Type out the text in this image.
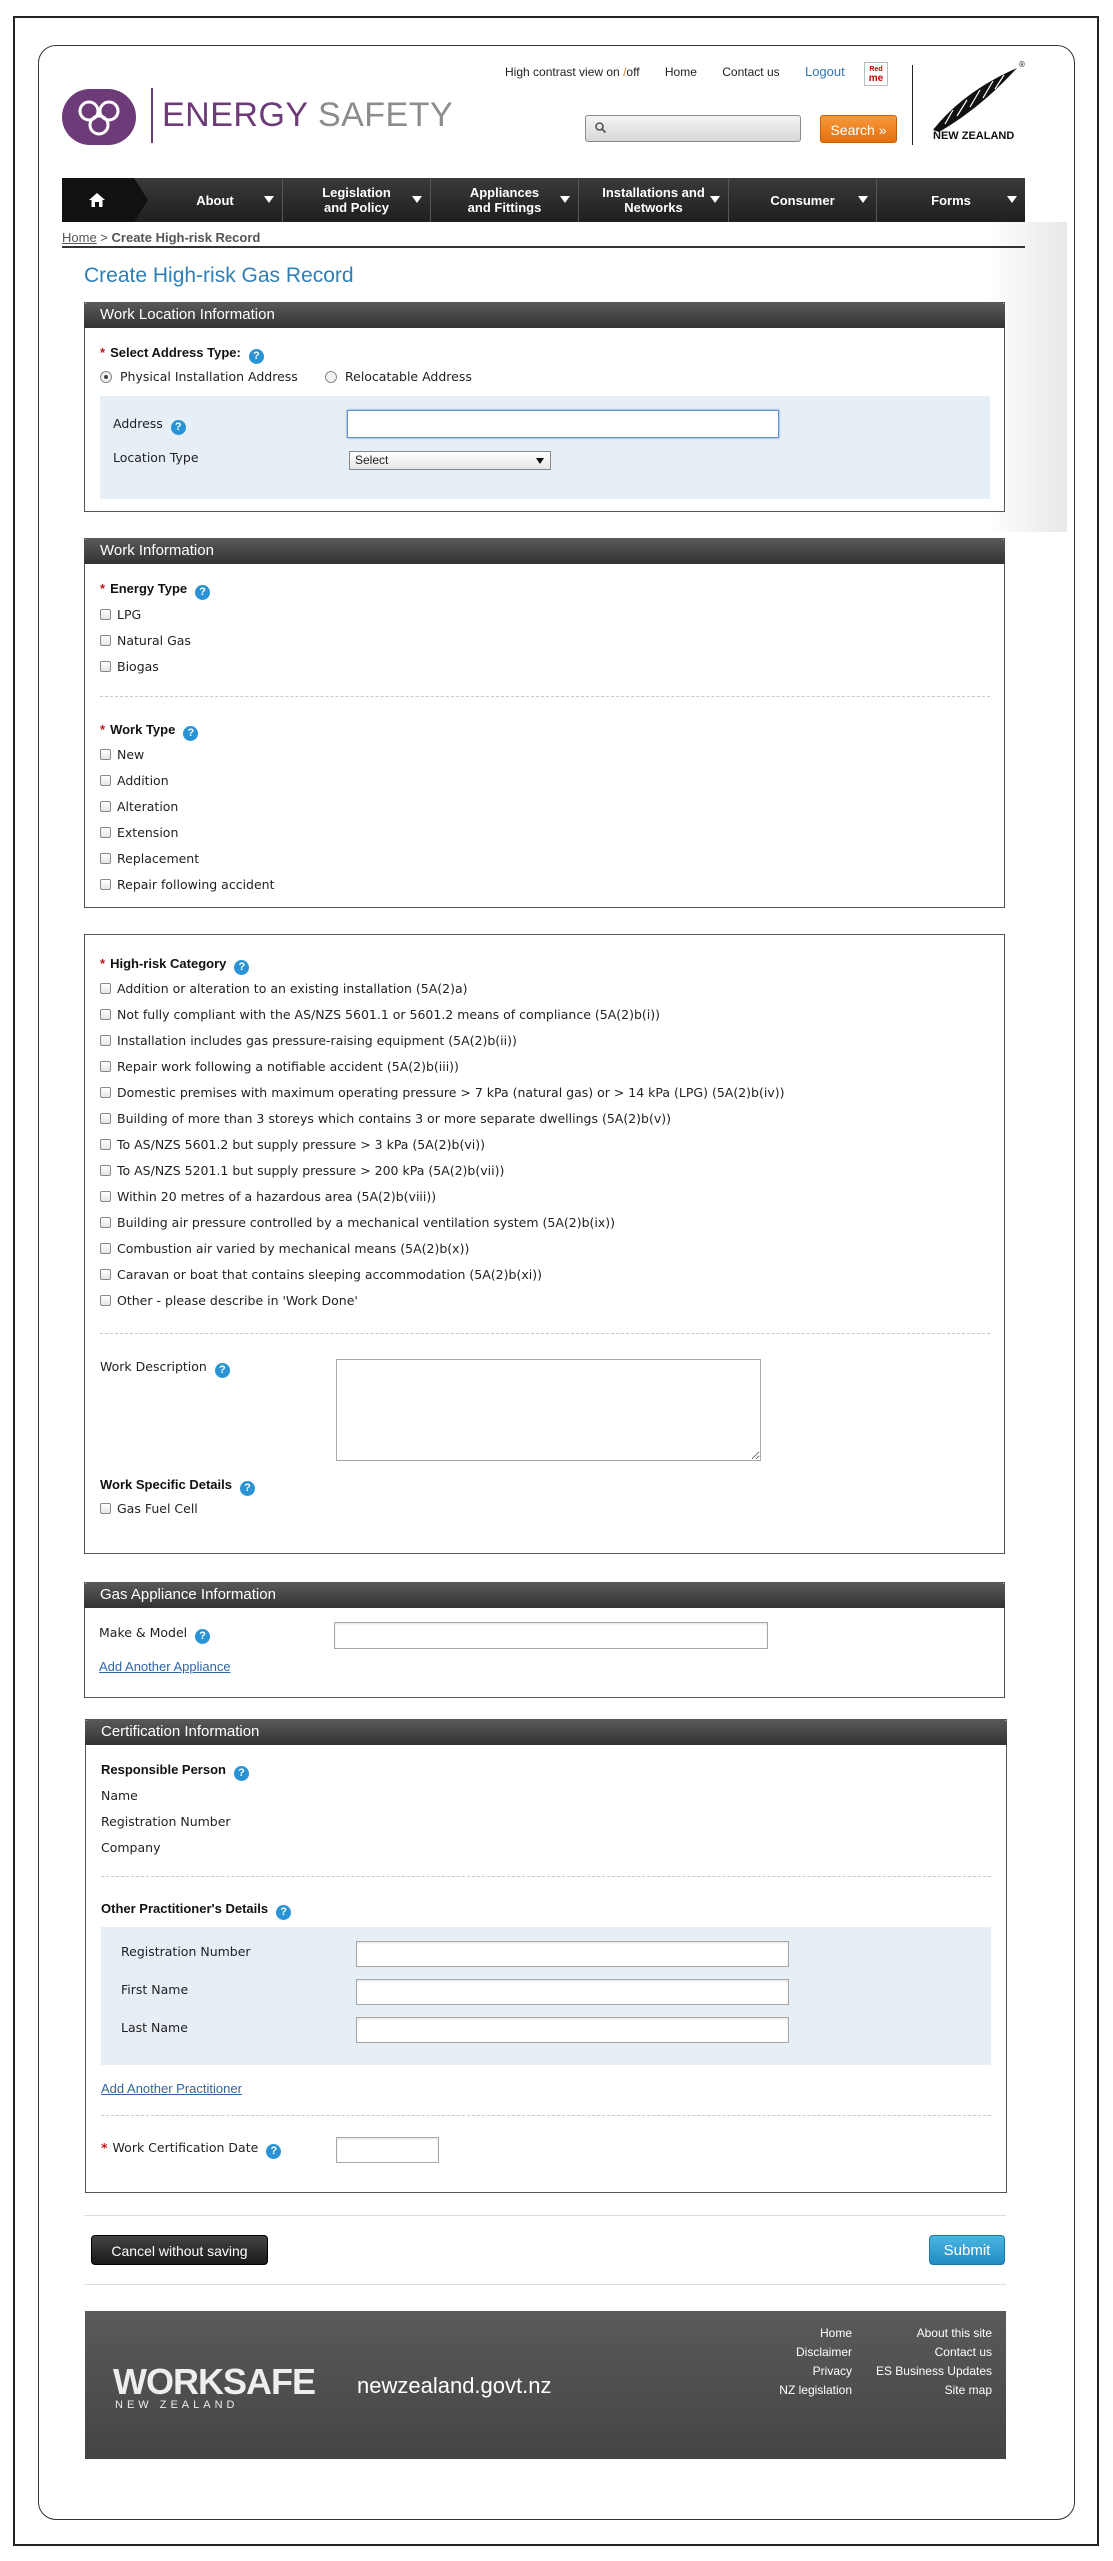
ENERGY SAFETY
High contrast view on /off Home Contact us Logout	Red
me
Search »
®
NEW ZEALAND
About	Legislation and Policy
Appliances and Fittings
Installations and Networks	Consumer	Forms
Home > Create High-risk Record
Create High-risk Gas Record
Work Location Information
* Select Address Type: ?
Physical Installation Address	Relocatable Address
Address ?
Location Type	Select
Work Information
* Energy Type ?
LPG
Natural Gas
Biogas
* Work Type ?
New
Addition
Alteration
Extension
Replacement
Repair following accident
* High-risk Category ?
Addition or alteration to an existing installation (5A(2)a)
Not fully compliant with the AS/NZS 5601.1 or 5601.2 means of compliance (5A(2)b(i))
Installation includes gas pressure-raising equipment (5A(2)b(ii))
Repair work following a notifiable accident (5A(2)b(iii))
Domestic premises with maximum operating pressure > 7 kPa (natural gas) or > 14 kPa (LPG) (5A(2)b(iv))
Building of more than 3 storeys which contains 3 or more separate dwellings (5A(2)b(v))
To AS/NZS 5601.2 but supply pressure > 3 kPa (5A(2)b(vi))
To AS/NZS 5201.1 but supply pressure > 200 kPa (5A(2)b(vii))
Within 20 metres of a hazardous area (5A(2)b(viii))
Building air pressure controlled by a mechanical ventilation system (5A(2)b(ix))
Combustion air varied by mechanical means (5A(2)b(x))
Caravan or boat that contains sleeping accommodation (5A(2)b(xi))
Other - please describe in 'Work Done'
Work Description ?
Work Specific Details ?
Gas Fuel Cell
Gas Appliance Information
Make & Model ?
Add Another Appliance
Certification Information
Responsible Person ?
Name
Registration Number
Company
Other Practitioner's Details ?
Registration Number
First Name
Last Name
Add Another Practitioner
* Work Certification Date ?
Cancel without saving	Submit
WORKSAFE
NEW ZEALAND
newzealand.govt.nz
Home
Disclaimer
Privacy
NZ legislation
About this site
Contact us
ES Business Updates
Site map
